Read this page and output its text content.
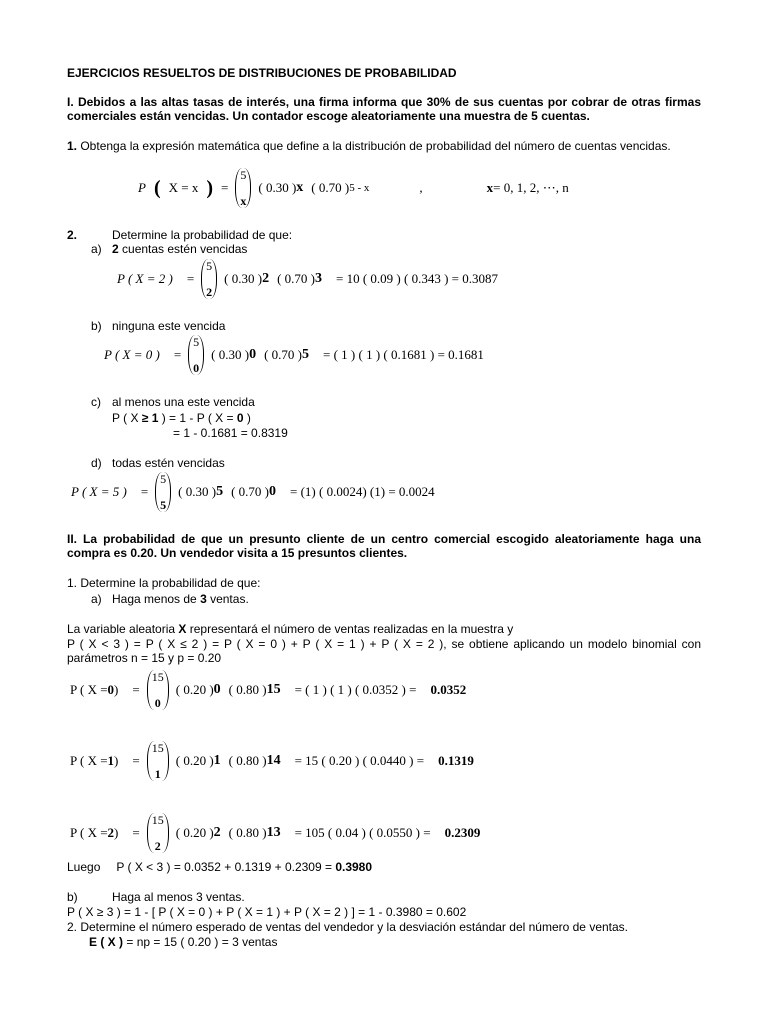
EJERCICIOS RESUELTOS DE DISTRIBUCIONES DE PROBABILIDAD
I. Debidos a las altas tasas de interés, una firma informa que 30% de sus cuentas por cobrar de otras firmas comerciales están vencidas. Un contador escoge aleatoriamente una muestra de 5 cuentas.
1. Obtenga la expresión matemática que define a la distribución de probabilidad del número de cuentas vencidas.
P ( X = x ) =
5
x
( 0.30 ) x ( 0.70 ) 5 - x	,	x = 0, 1, 2, ⋯, n
2.	Determine la probabilidad de que:
a) 2 cuentas estén vencidas
P ( X = 2 ) =
5
2
( 0.30 ) 2 ( 0.70 ) 3 = 10 ( 0.09 ) ( 0.343 ) = 0.3087
b) ninguna este vencida
P ( X = 0 ) =
5
0
( 0.30 ) 0 ( 0.70 ) 5 = ( 1 ) ( 1 ) ( 0.1681 ) = 0.1681
c) al menos una este vencida
P ( X ≥ 1 ) = 1 - P ( X = 0 )
= 1 - 0.1681 = 0.8319
d) todas estén vencidas
P ( X = 5 ) =
5
5
( 0.30 ) 5 ( 0.70 ) 0 = (1) ( 0.0024) (1) = 0.0024
II. La probabilidad de que un presunto cliente de un centro comercial escogido aleatoriamente haga una compra es 0.20. Un vendedor visita a 15 presuntos clientes.
1. Determine la probabilidad de que:
a) Haga menos de 3 ventas.
La variable aleatoria X representará el número de ventas realizadas en la muestra y
P ( X < 3 ) = P ( X ≤ 2 ) = P ( X = 0 ) + P ( X = 1 ) + P ( X = 2 ), se obtiene aplicando un modelo binomial con parámetros n = 15 y p = 0.20
P ( X = 0 ) =
15
0
( 0.20 ) 0 ( 0.80 ) 15 = ( 1 ) ( 1 ) ( 0.0352 ) = 0.0352
P ( X = 1 ) =
15
1
( 0.20 ) 1 ( 0.80 ) 14 = 15 ( 0.20 ) ( 0.0440 ) = 0.1319
P ( X = 2 ) =
15
2
( 0.20 ) 2 ( 0.80 ) 13 = 105 ( 0.04 ) ( 0.0550 ) = 0.2309
Luego P ( X < 3 ) = 0.0352 + 0.1319 + 0.2309 = 0.3980
b)	Haga al menos 3 ventas.
P ( X ≥ 3 ) = 1 - [ P ( X = 0 ) + P ( X = 1 ) + P ( X = 2 ) ] = 1 - 0.3980 = 0.602
2. Determine el número esperado de ventas del vendedor y la desviación estándar del número de ventas.
E ( X ) = np = 15 ( 0.20 ) = 3 ventas
